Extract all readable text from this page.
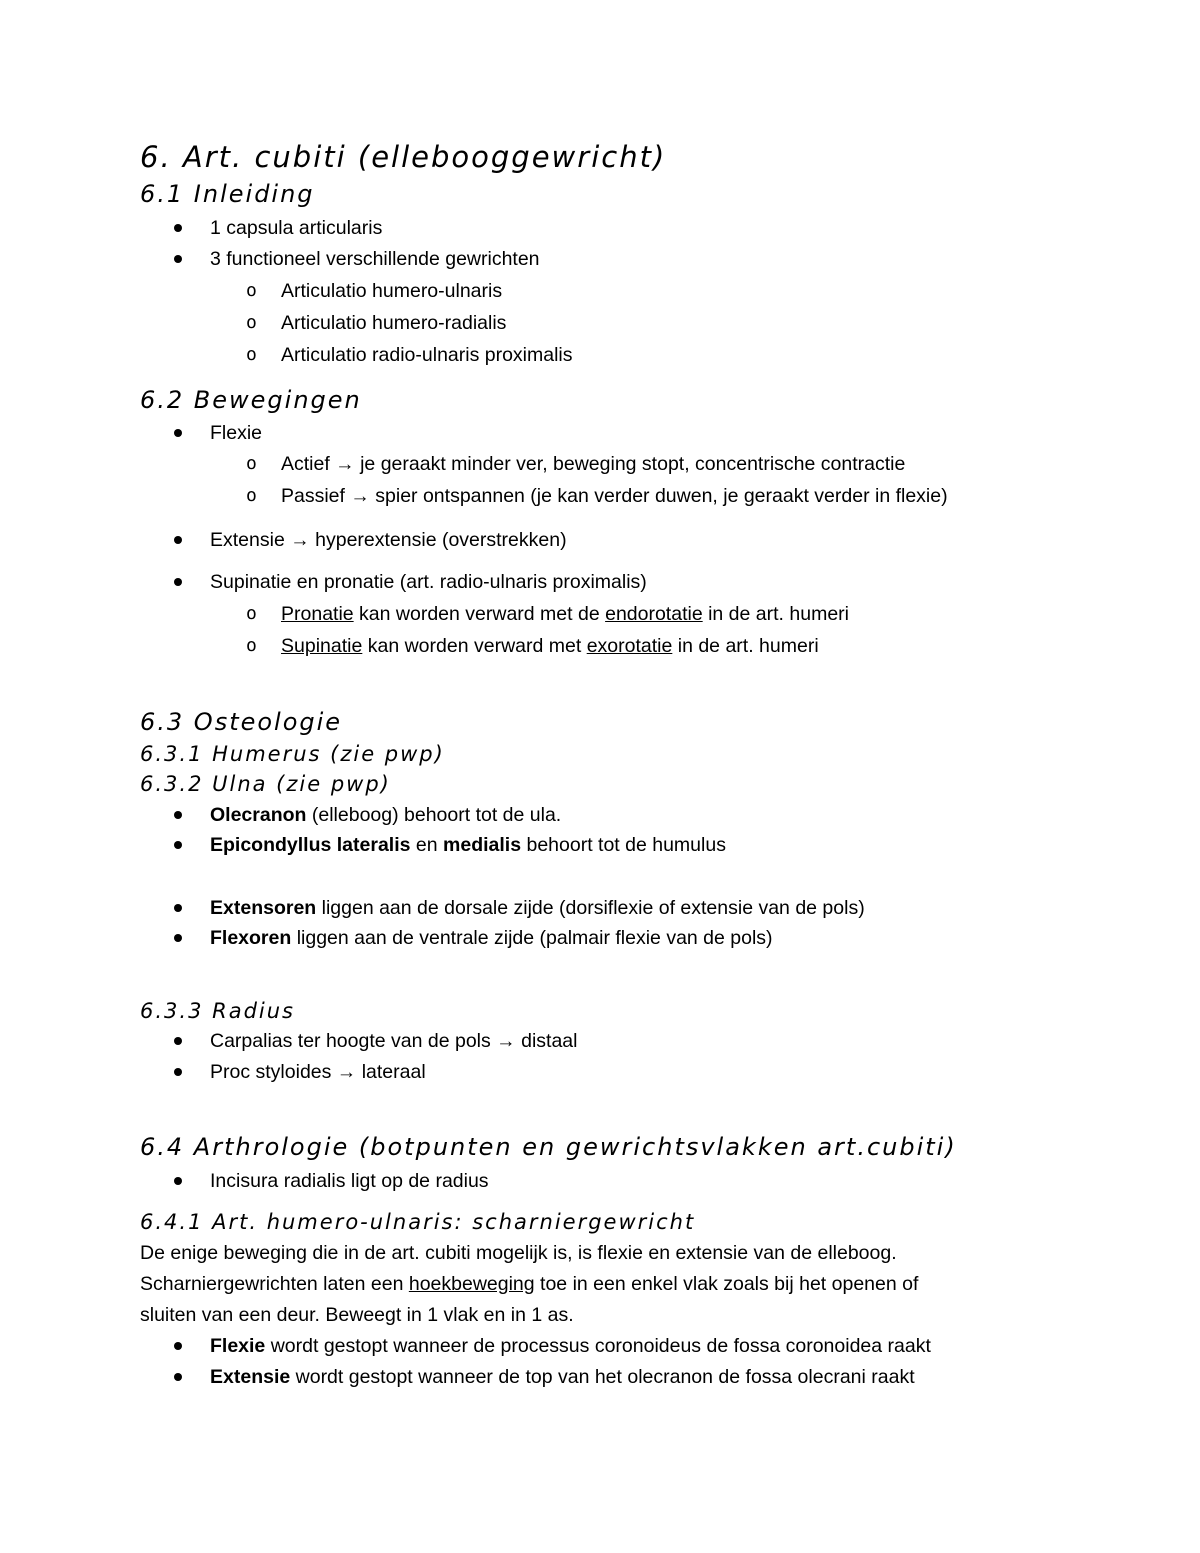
6. Art. cubiti (ellebooggewricht)
6.1 Inleiding
1 capsula articularis
3 functioneel verschillende gewrichten
o Articulatio humero-ulnaris
o Articulatio humero-radialis
o Articulatio radio-ulnaris proximalis
6.2 Bewegingen
Flexie
o Actief → je geraakt minder ver, beweging stopt, concentrische contractie
o Passief → spier ontspannen (je kan verder duwen, je geraakt verder in flexie)
Extensie → hyperextensie (overstrekken)
Supinatie en pronatie (art. radio-ulnaris proximalis)
o Pronatie kan worden verward met de endorotatie in de art. humeri
o Supinatie kan worden verward met exorotatie in de art. humeri
6.3 Osteologie
6.3.1 Humerus (zie pwp)
6.3.2 Ulna (zie pwp)
Olecranon (elleboog) behoort tot de ula.
Epicondyllus lateralis en medialis behoort tot de humulus
Extensoren liggen aan de dorsale zijde (dorsiflexie of extensie van de pols)
Flexoren liggen aan de ventrale zijde (palmair flexie van de pols)
6.3.3 Radius
Carpalias ter hoogte van de pols → distaal
Proc styloides → lateraal
6.4 Arthrologie (botpunten en gewrichtsvlakken art.cubiti)
Incisura radialis ligt op de radius
6.4.1 Art. humero-ulnaris: scharniergewricht
De enige beweging die in de art. cubiti mogelijk is, is flexie en extensie van de elleboog.
Scharniergewrichten laten een hoekbeweging toe in een enkel vlak zoals bij het openen of
sluiten van een deur. Beweegt in 1 vlak en in 1 as.
Flexie wordt gestopt wanneer de processus coronoideus de fossa coronoidea raakt
Extensie wordt gestopt wanneer de top van het olecranon de fossa olecrani raakt
